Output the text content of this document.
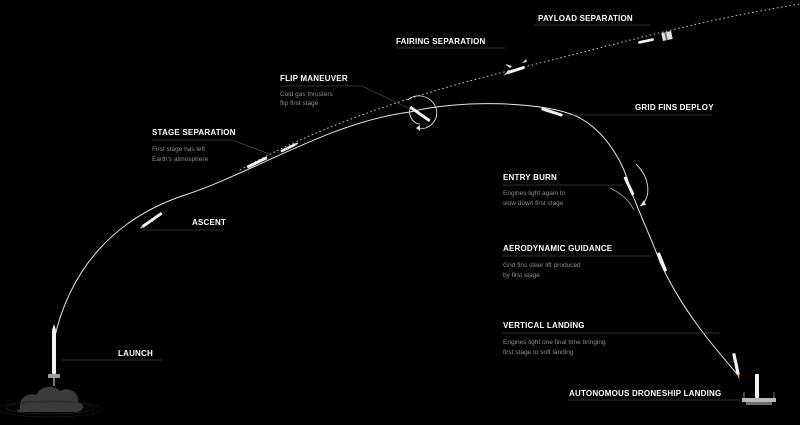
PAYLOAD SEPARATION
FAIRING SEPARATION
FLIP MANEUVER
Cold gas thrusters
flip first stage
STAGE SEPARATION
First stage has left
Earth's atmosphere
GRID FINS DEPLOY
ENTRY BURN
Engines light again to
slow down first stage
ASCENT
AERODYNAMIC GUIDANCE
Grid fins steer lift produced
by first stage
VERTICAL LANDING
Engines light one final time bringing
first stage to soft landing
LAUNCH
AUTONOMOUS DRONESHIP LANDING
